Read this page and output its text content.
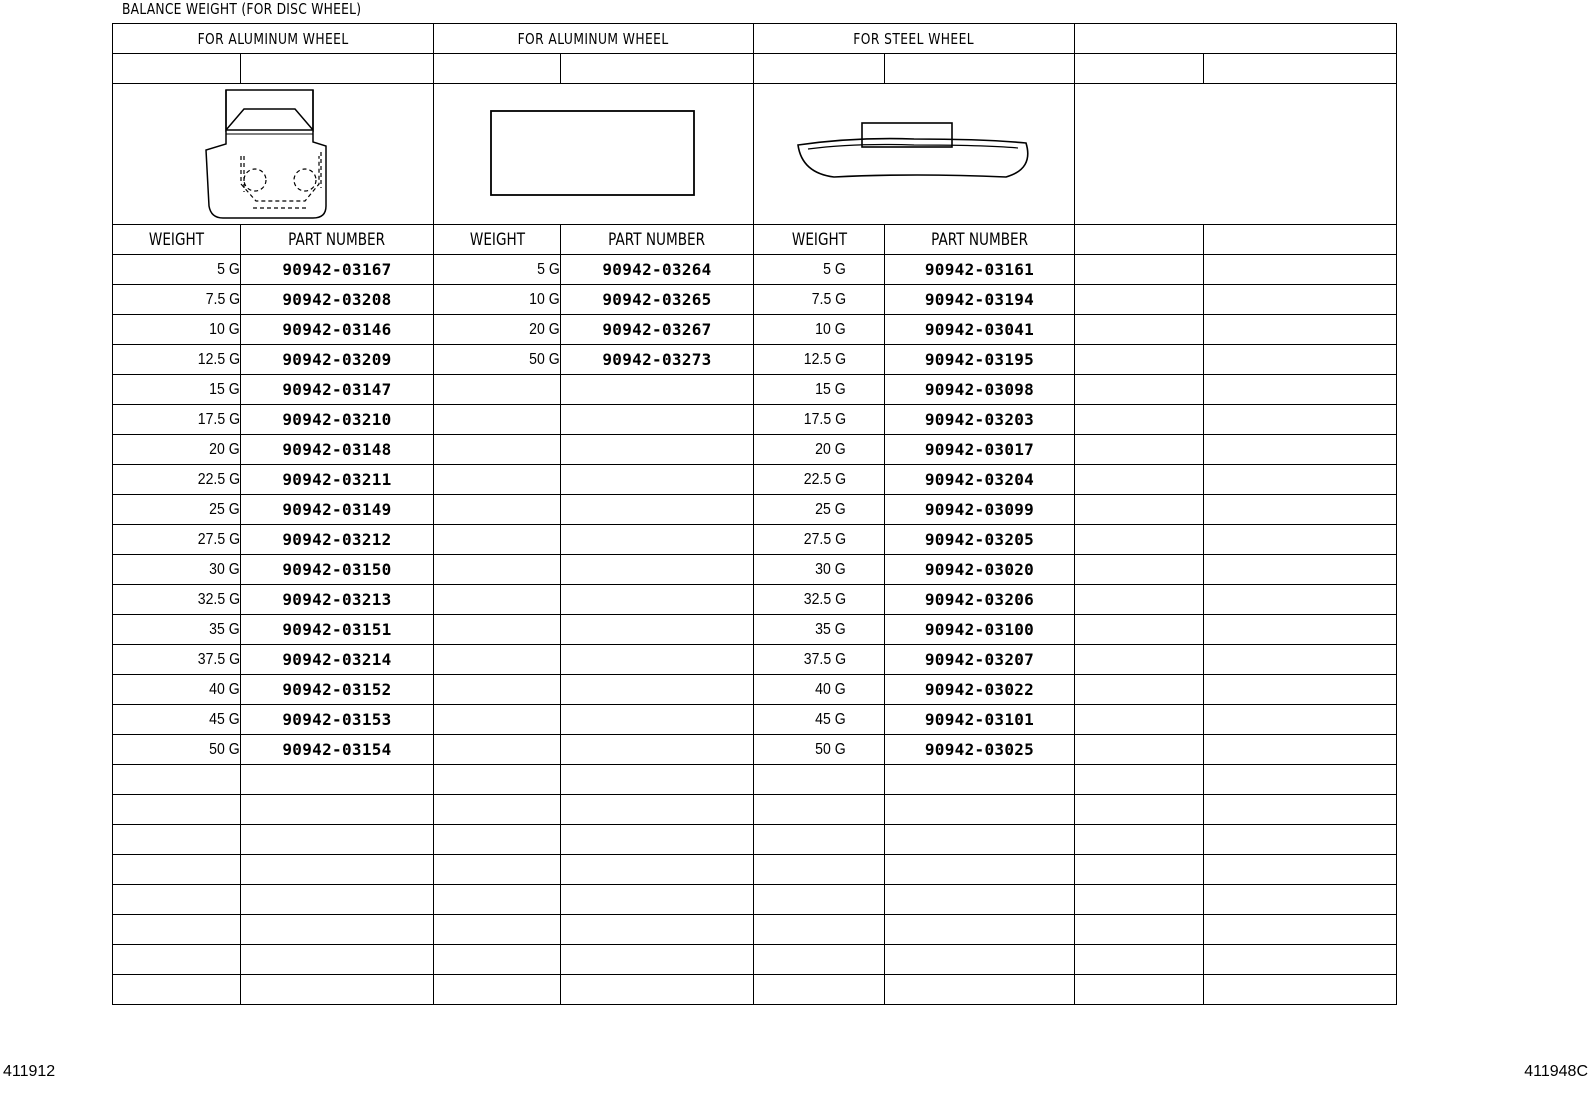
BALANCE WEIGHT (FOR DISC WHEEL)
FOR ALUMINUM WHEEL		FOR ALUMINUM WHEEL		FOR STEEL WHEEL			

WEIGHT	PART NUMBER	WEIGHT	PART NUMBER	WEIGHT	PART NUMBER		
5 G	90942-03167	5 G	90942-03264	5 G	90942-03161		
7.5 G	90942-03208	10 G	90942-03265	7.5 G	90942-03194		
10 G	90942-03146	20 G	90942-03267	10 G	90942-03041		
12.5 G	90942-03209	50 G	90942-03273	12.5 G	90942-03195		
15 G	90942-03147			15 G	90942-03098		
17.5 G	90942-03210			17.5 G	90942-03203		
20 G	90942-03148			20 G	90942-03017		
22.5 G	90942-03211			22.5 G	90942-03204		
25 G	90942-03149			25 G	90942-03099		
27.5 G	90942-03212			27.5 G	90942-03205		
30 G	90942-03150			30 G	90942-03020		
32.5 G	90942-03213			32.5 G	90942-03206		
35 G	90942-03151			35 G	90942-03100		
37.5 G	90942-03214			37.5 G	90942-03207		
40 G	90942-03152			40 G	90942-03022		
45 G	90942-03153			45 G	90942-03101		
50 G	90942-03154			50 G	90942-03025		

411912	411948C
